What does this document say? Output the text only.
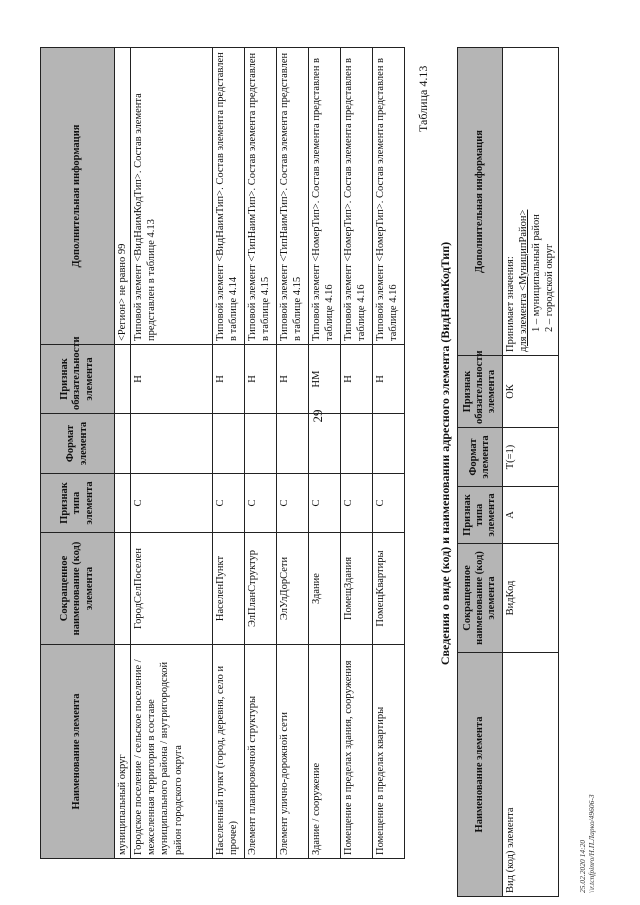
29
Наименование элемента	Сокращенное наименование (код) элемента	Признак типа элемента	Формат элемента	Признак обязательности элемента	Дополнительная информация
муниципальный округ					<Регион> не равно 99
Городское поселение / сельское поселение / межселенная территория в составе муниципального района / внутригородской район городского округа	ГородСелПоселен	С		Н	Типовой элемент <ВидНаимКодТип>. Состав элемента представлен в таблице 4.13
Населенный пункт (город, деревня, село и прочее)	НаселенПункт	С		Н	Типовой элемент <ВидНаимТип>. Состав элемента представлен в таблице 4.14
Элемент планировочной структуры	ЭлПланСтруктур	С		Н	Типовой элемент <ТипНаимТип>. Состав элемента представлен в таблице 4.15
Элемент улично-дорожной сети	ЭлУлДорСети	С		Н	Типовой элемент <ТипНаимТип>. Состав элемента представлен в таблице 4.15
Здание / сооружение	Здание	С		НМ	Типовой элемент <НомерТип>. Состав элемента представлен в таблице 4.16
Помещение в пределах здания, сооружения	ПомещЗдания	С		Н	Типовой элемент <НомерТип>. Состав элемента представлен в таблице 4.16
Помещение в пределах квартиры	ПомещКвартиры	С		Н	Типовой элемент <НомерТип>. Состав элемента представлен в таблице 4.16
Таблица 4.13
Сведения о виде (код) и наименовании адресного элемента (ВидНаимКодТип)
Наименование элемента	Сокращенное наименование (код) элемента	Признак типа элемента	Формат элемента	Признак обязательности элемента	Дополнительная информация
Вид (код) элемента	ВидКод	А	T(=1)	ОК	Принимает значения: для элемента <МуниципРайон> 1 – муниципальный район 2 – городской округ
25.02.2020 14:20 \\r.tcnfpinro/Н.П.Ларко/49606-3
